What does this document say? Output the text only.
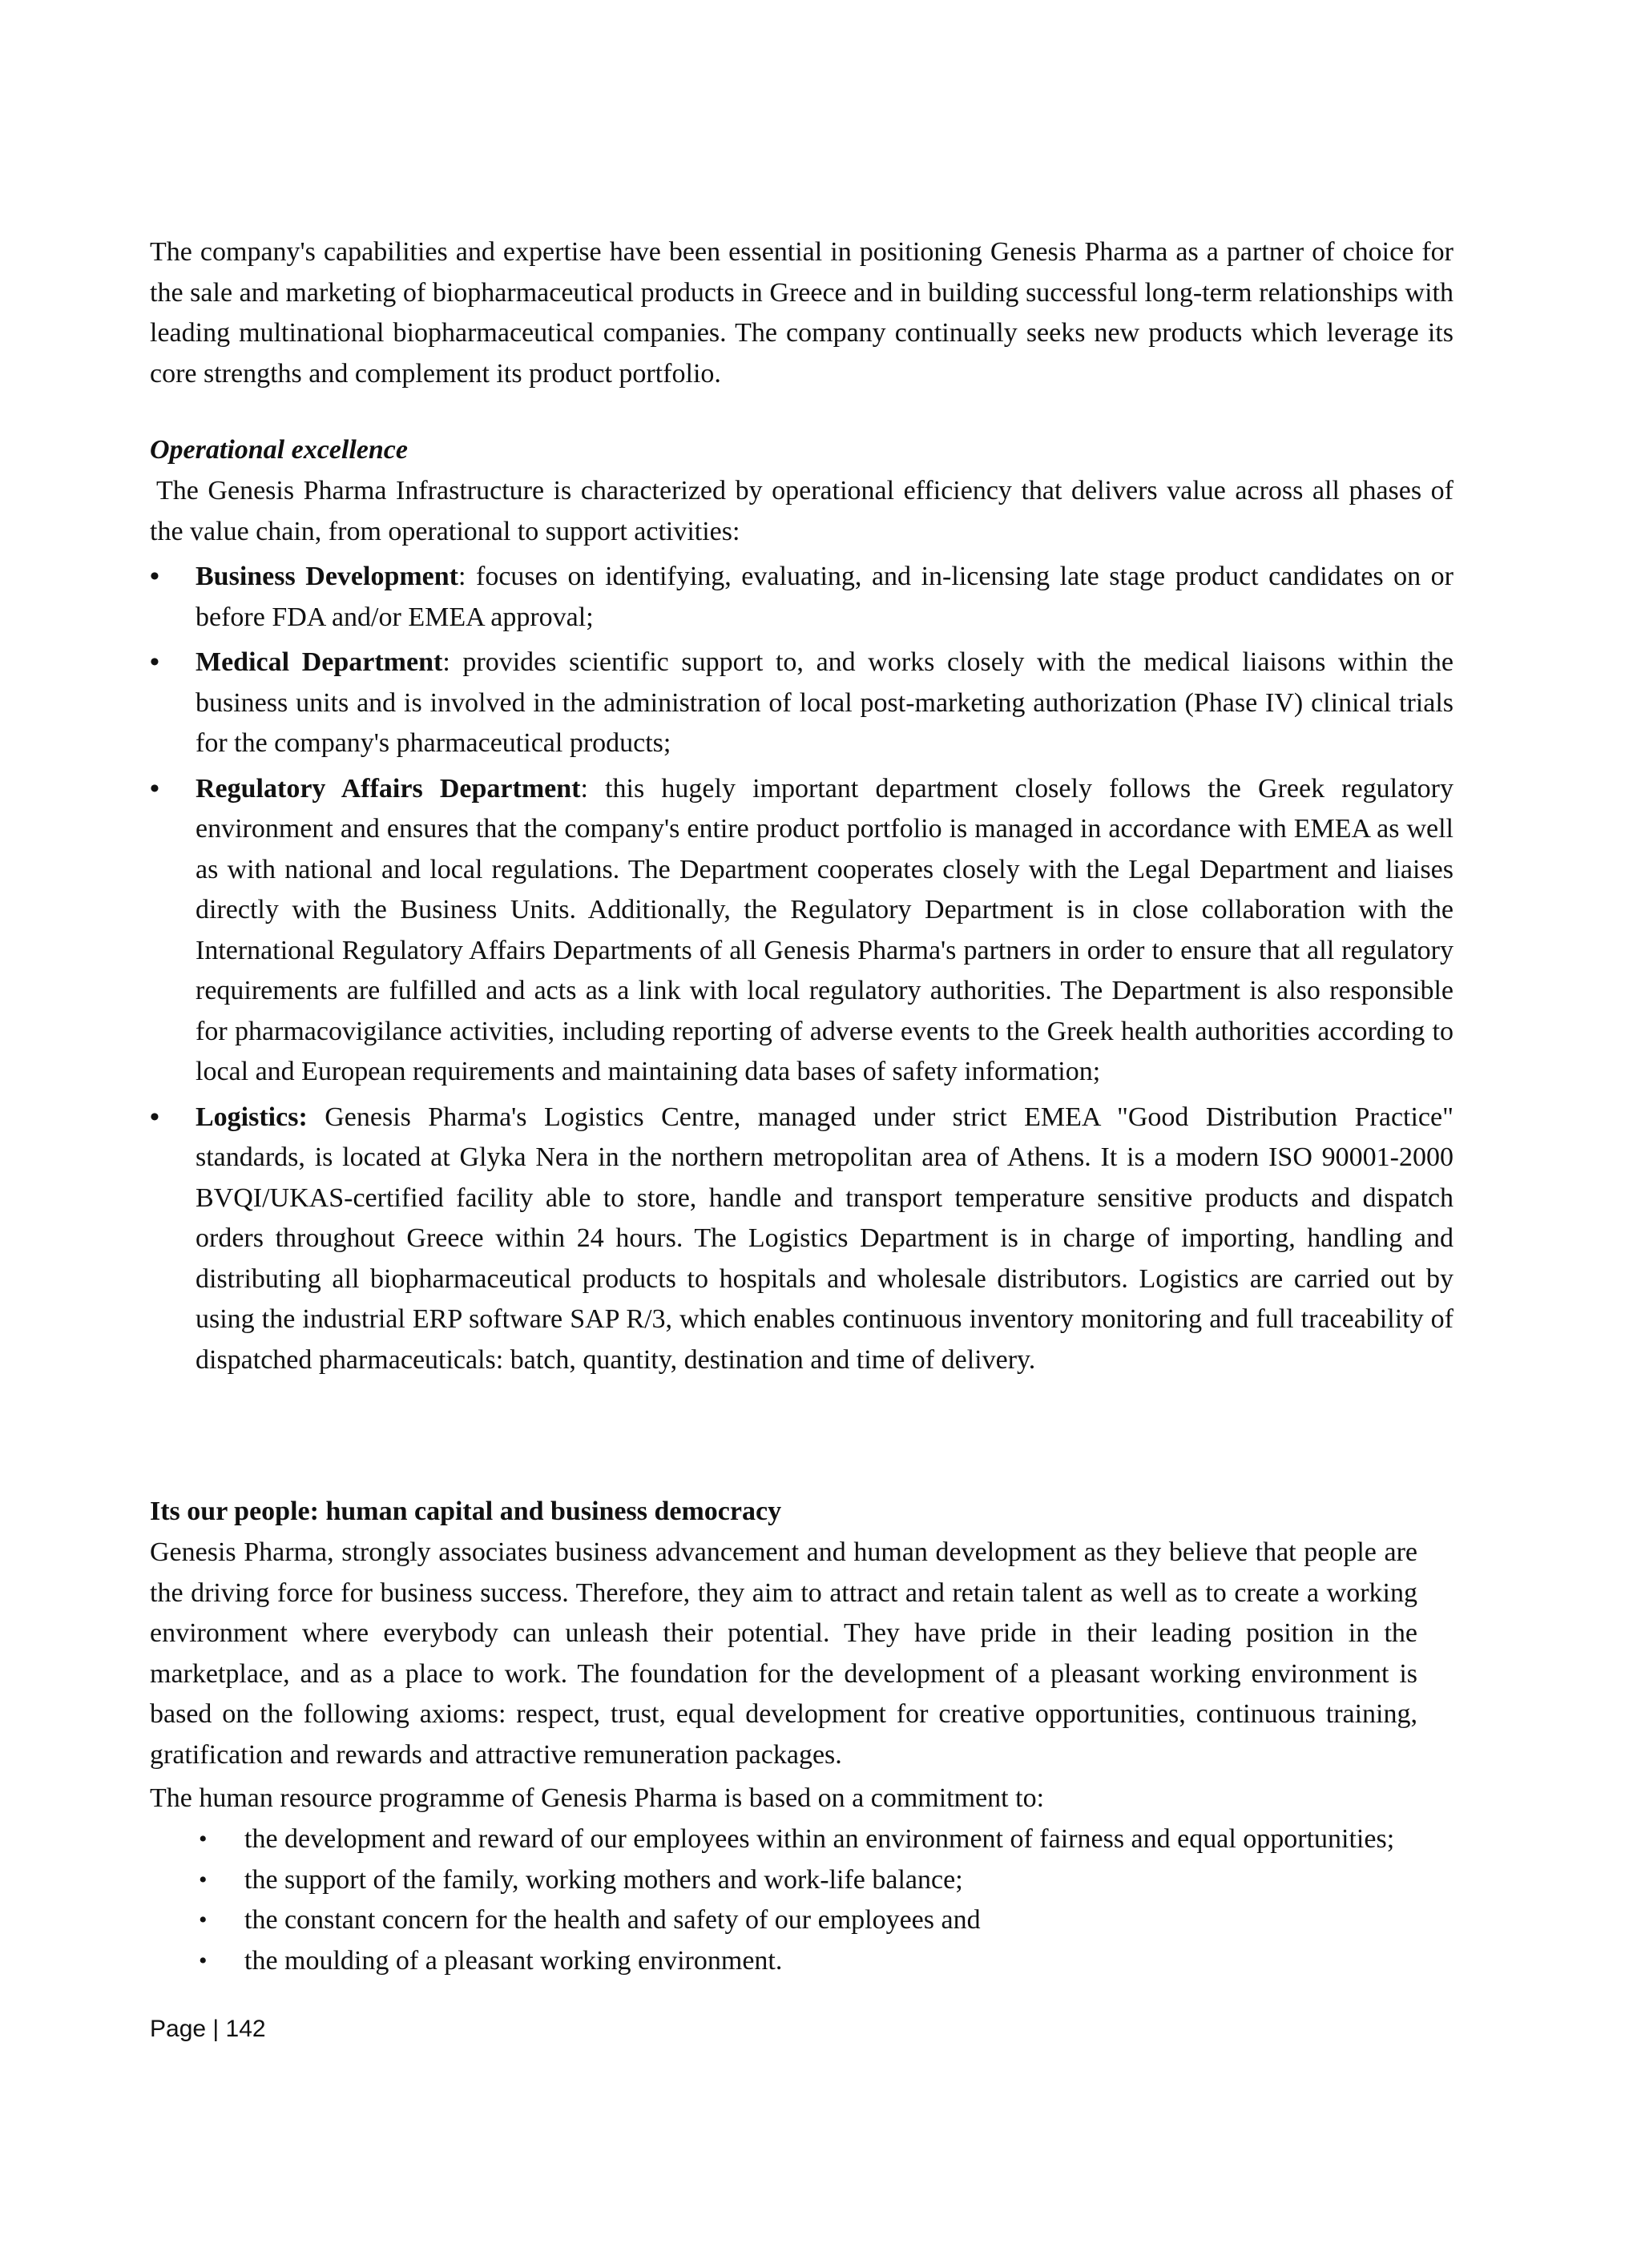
The company's capabilities and expertise have been essential in positioning Genesis Pharma as a partner of choice for the sale and marketing of biopharmaceutical products in Greece and in building successful long-term relationships with leading multinational biopharmaceutical companies. The company continually seeks new products which leverage its core strengths and complement its product portfolio.

Operational excellence

The Genesis Pharma Infrastructure is characterized by operational efficiency that delivers value across all phases of the value chain, from operational to support activities:

• Business Development: focuses on identifying, evaluating, and in-licensing late stage product candidates on or before FDA and/or EMEA approval;
• Medical Department: provides scientific support to, and works closely with the medical liaisons within the business units and is involved in the administration of local post-marketing authorization (Phase IV) clinical trials for the company's pharmaceutical products;
• Regulatory Affairs Department: this hugely important department closely follows the Greek regulatory environment and ensures that the company's entire product portfolio is managed in accordance with EMEA as well as with national and local regulations. The Department cooperates closely with the Legal Department and liaises directly with the Business Units. Additionally, the Regulatory Department is in close collaboration with the International Regulatory Affairs Departments of all Genesis Pharma's partners in order to ensure that all regulatory requirements are fulfilled and acts as a link with local regulatory authorities. The Department is also responsible for pharmacovigilance activities, including reporting of adverse events to the Greek health authorities according to local and European requirements and maintaining data bases of safety information;
• Logistics: Genesis Pharma's Logistics Centre, managed under strict EMEA "Good Distribution Practice" standards, is located at Glyka Nera in the northern metropolitan area of Athens. It is a modern ISO 90001-2000 BVQI/UKAS-certified facility able to store, handle and transport temperature sensitive products and dispatch orders throughout Greece within 24 hours. The Logistics Department is in charge of importing, handling and distributing all biopharmaceutical products to hospitals and wholesale distributors. Logistics are carried out by using the industrial ERP software SAP R/3, which enables continuous inventory monitoring and full traceability of dispatched pharmaceuticals: batch, quantity, destination and time of delivery.

Its our people: human capital and business democracy

Genesis Pharma, strongly associates business advancement and human development as they believe that people are the driving force for business success. Therefore, they aim to attract and retain talent as well as to create a working environment where everybody can unleash their potential. They have pride in their leading position in the marketplace, and as a place to work. The foundation for the development of a pleasant working environment is based on the following axioms: respect, trust, equal development for creative opportunities, continuous training, gratification and rewards and attractive remuneration packages.

The human resource programme of Genesis Pharma is based on a commitment to:

• the development and reward of our employees within an environment of fairness and equal opportunities;
• the support of the family, working mothers and work-life balance;
• the constant concern for the health and safety of our employees and
• the moulding of a pleasant working environment.

Page | 142
